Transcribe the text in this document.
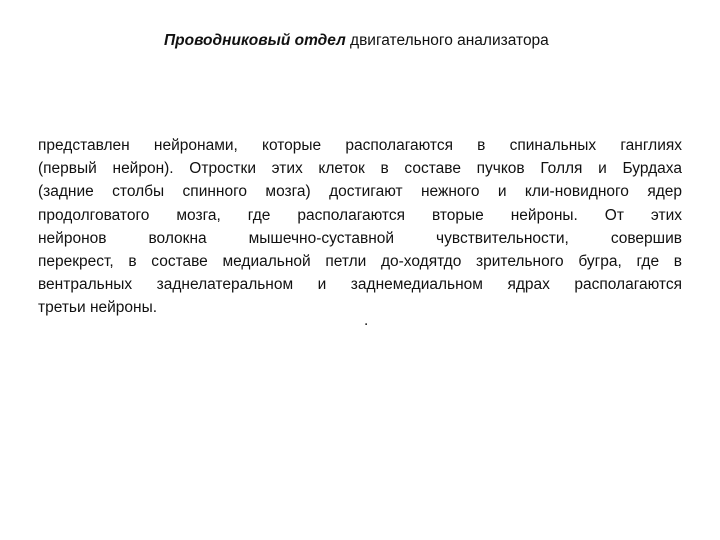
Проводниковый отдел двигательного анализатора
представлен нейронами, которые располагаются в спинальных ганглиях
(первый нейрон). Отростки этих клеток в составе пучков Голля и Бурдаха
(задние столбы спинного мозга) достигают нежного и кли-новидного ядер
продолговатого мозга, где располагаются вторые нейроны. От этих
нейронов волокна мышечно-суставной чувствительности, совершив
перекрест, в составе медиальной петли до-ходятдо зрительного бугра, где в
вентральных заднелатеральном и заднемедиальном ядрах располагаются
третьи нейроны.
.
